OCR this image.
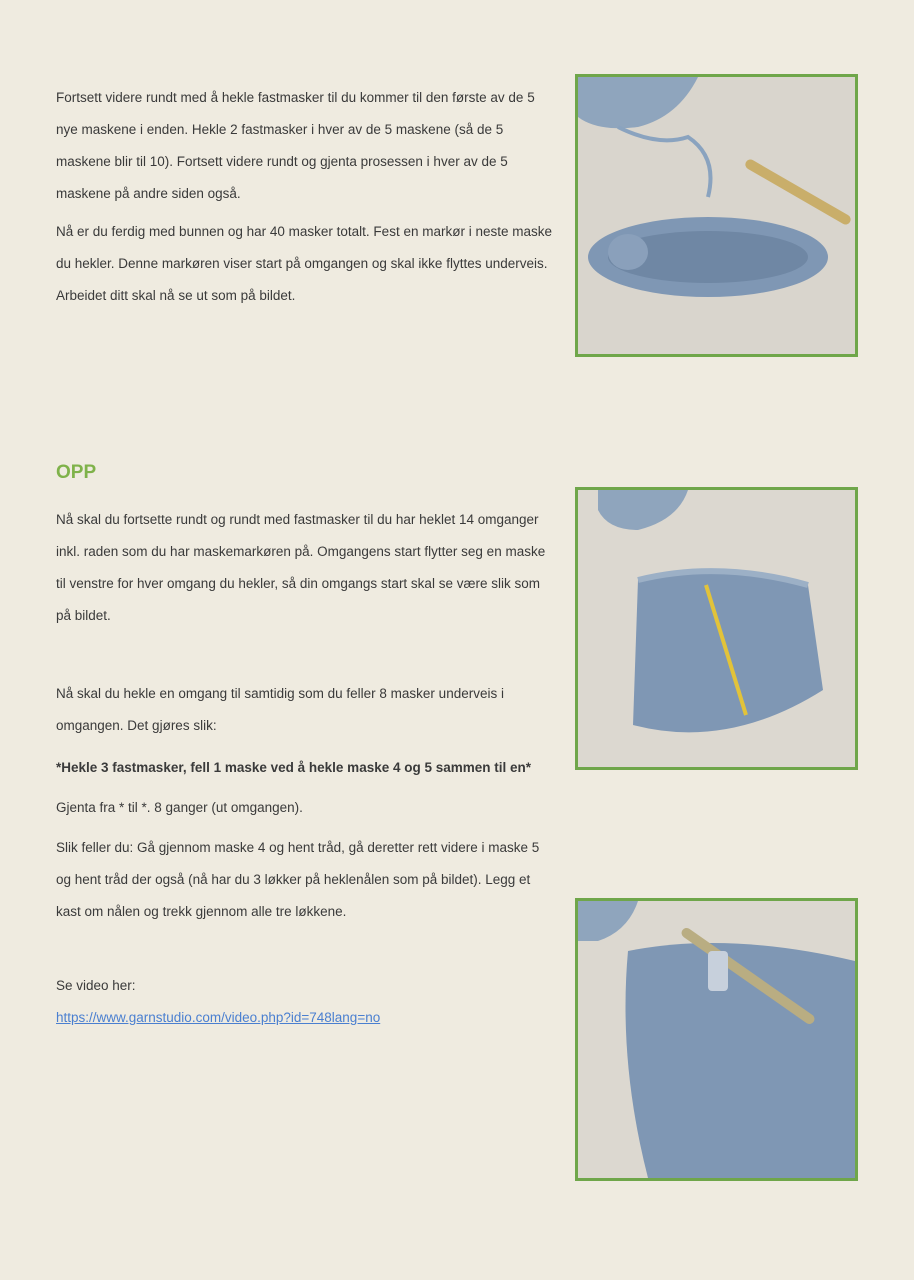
Fortsett videre rundt med å hekle fastmasker til du kommer til den første av de 5 nye maskene i enden. Hekle 2 fastmasker i hver av de 5 maskene (så de 5 maskene blir til 10). Fortsett videre rundt og gjenta prosessen i hver av de 5 maskene på andre siden også.

Nå er du ferdig med bunnen og har 40 masker totalt. Fest en markør i neste maske du hekler. Denne markøren viser start på omgangen og skal ikke flyttes underveis.

Arbeidet ditt skal nå se ut som på bildet.

OPP

Nå skal du fortsette rundt og rundt med fastmasker til du har heklet 14 omganger inkl. raden som du har maskemarkøren på. Omgangens start flytter seg en maske til venstre for hver omgang du hekler, så din omgangs start skal se være slik som på bildet.

Nå skal du hekle en omgang til samtidig som du feller 8 masker underveis i omgangen. Det gjøres slik:

*Hekle 3 fastmasker, fell 1 maske ved å hekle maske 4 og 5 sammen til en*

Gjenta fra * til *. 8 ganger (ut omgangen).

Slik feller du: Gå gjennom maske 4 og hent tråd, gå deretter rett videre i maske 5 og hent tråd der også (nå har du 3 løkker på heklenålen som på bildet). Legg et kast om nålen og trekk gjennom alle tre løkkene.

Se video her:

https://www.garnstudio.com/video.php?id=748lang=no
